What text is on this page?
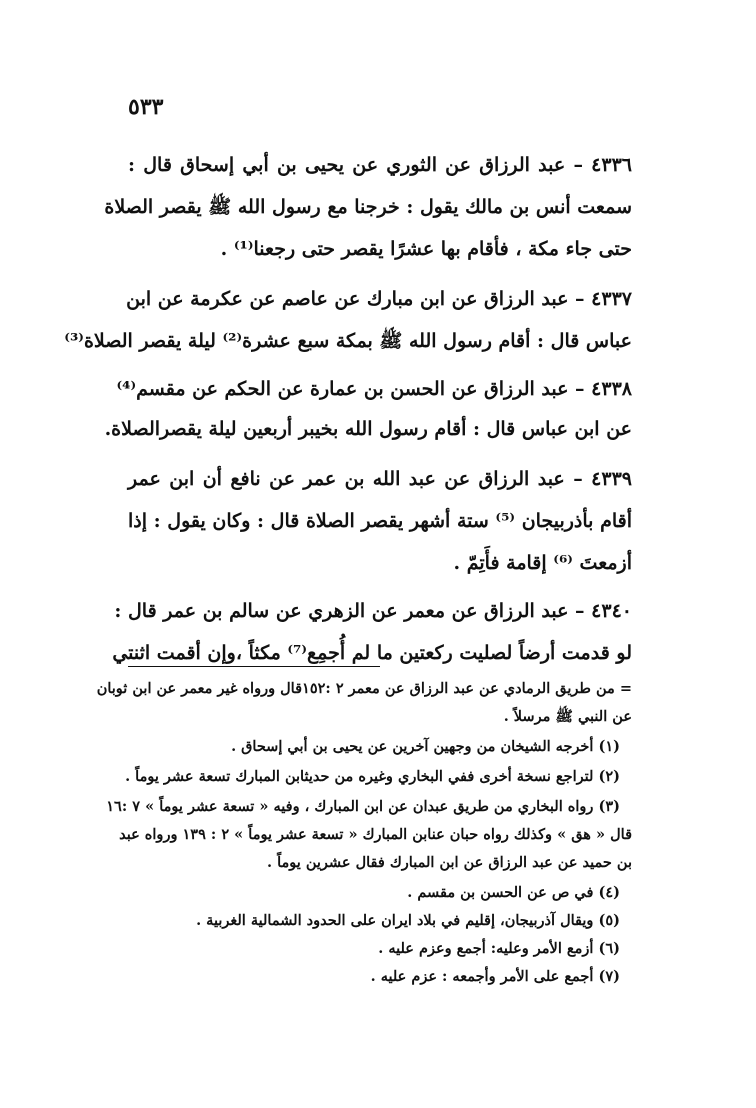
٥٣٣
٤٣٣٦ – عبد الرزاق عن الثوري عن يحيى بن أبي إسحاق قال :
سمعت أنس بن مالك يقول : خرجنا مع رسول الله ﷺ يقصر الصلاة
حتى جاء مكة ، فأقام بها عشرًا يقصر حتى رجعنا⁽¹⁾ .
٤٣٣٧ – عبد الرزاق عن ابن مبارك عن عاصم عن عكرمة عن ابن
عباس قال : أقام رسول الله ﷺ بمكة سبع عشرة⁽²⁾ ليلة يقصر الصلاة⁽³⁾
٤٣٣٨ – عبد الرزاق عن الحسن بن عمارة عن الحكم عن مقسم⁽⁴⁾
عن ابن عباس قال : أقام رسول الله بخيبر أربعين ليلة يقصرالصلاة.
٤٣٣٩ – عبد الرزاق عن عبد الله بن عمر عن نافع أن ابن عمر
أقام بأذربيجان ⁽⁵⁾ ستة أشهر يقصر الصلاة قال : وكان يقول : إذا
أزمعتَ ⁽⁶⁾ إقامة فأَتِمّ .
٤٣٤٠ – عبد الرزاق عن معمر عن الزهري عن سالم بن عمر قال :
لو قدمت أرضاً لصليت ركعتين ما لم أُجمِع⁽⁷⁾ مكثاً ،وإن أقمت اثنتي
= من طريق الرمادي عن عبد الرزاق عن معمر ٢ :١٥٢قال ورواه غير معمر عن ابن ثوبان
عن النبي ﷺ مرسلاً .
(١) أخرجه الشيخان من وجهين آخرين عن يحيى بن أبي إسحاق .
(٢) لتراجع نسخة أخرى ففي البخاري وغيره من حديثابن المبارك تسعة عشر يوماً .
(٣) رواه البخاري من طريق عبدان عن ابن المبارك ، وفيه « تسعة عشر يوماً » ٧ :١٦
قال « هق » وكذلك رواه حبان عنابن المبارك « تسعة عشر يوماً » ٢ : ١٣٩ ورواه عبد
بن حميد عن عبد الرزاق عن ابن المبارك فقال عشرين يوماً .
(٤) في ص عن الحسن بن مقسم .
(٥) ويقال آذربيجان، إقليم في بلاد ايران على الحدود الشمالية الغربية .
(٦) أزمع الأمر وعليه: أجمع وعزم عليه .
(٧) أجمع على الأمر وأجمعه : عزم عليه .
